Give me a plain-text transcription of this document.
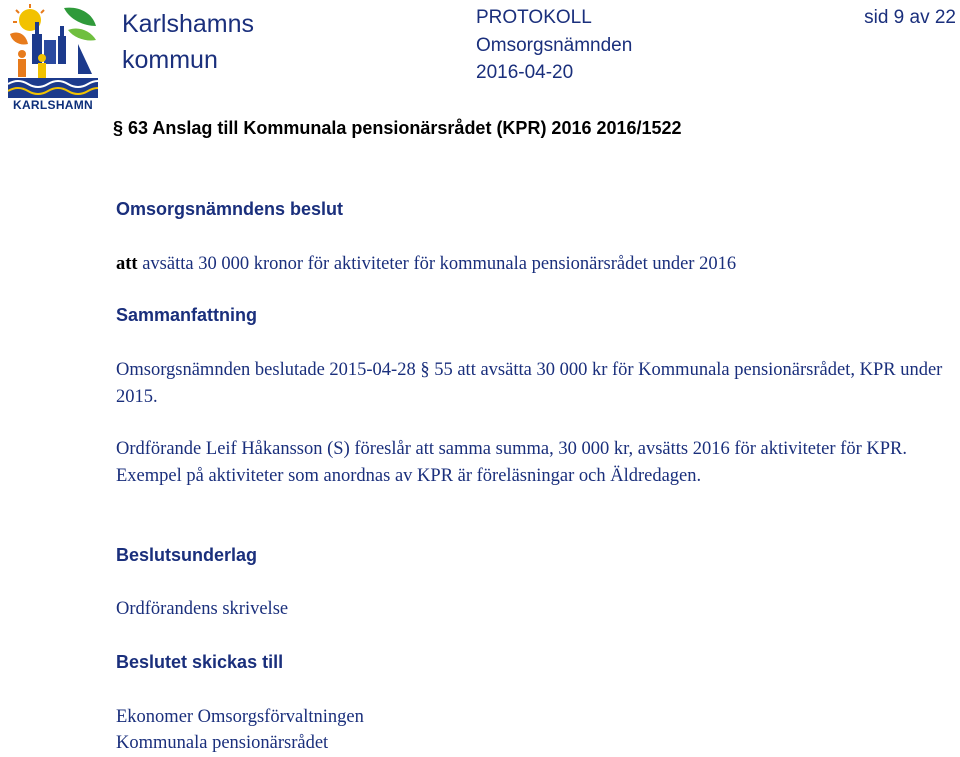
KARLSHAMN
Karlshamns
kommun
PROTOKOLL
Omsorgsnämnden
2016-04-20
sid 9 av 22
§ 63 Anslag till Kommunala pensionärsrådet (KPR) 2016 2016/1522
Omsorgsnämndens beslut
att avsätta 30 000 kronor för aktiviteter för kommunala pensionärsrådet under 2016
Sammanfattning

Omsorgsnämnden beslutade 2015-04-28 § 55 att avsätta 30 000 kr för Kommunala pensionärsrådet, KPR under 2015.

Ordförande Leif Håkansson (S) föreslår att samma summa, 30 000 kr, avsätts 2016 för aktiviteter för KPR. Exempel på aktiviteter som anordnas av KPR är föreläsningar och Äldredagen.

Beslutsunderlag
Ordförandens skrivelse
Beslutet skickas till
Ekonomer Omsorgsförvaltningen
Kommunala pensionärsrådet
